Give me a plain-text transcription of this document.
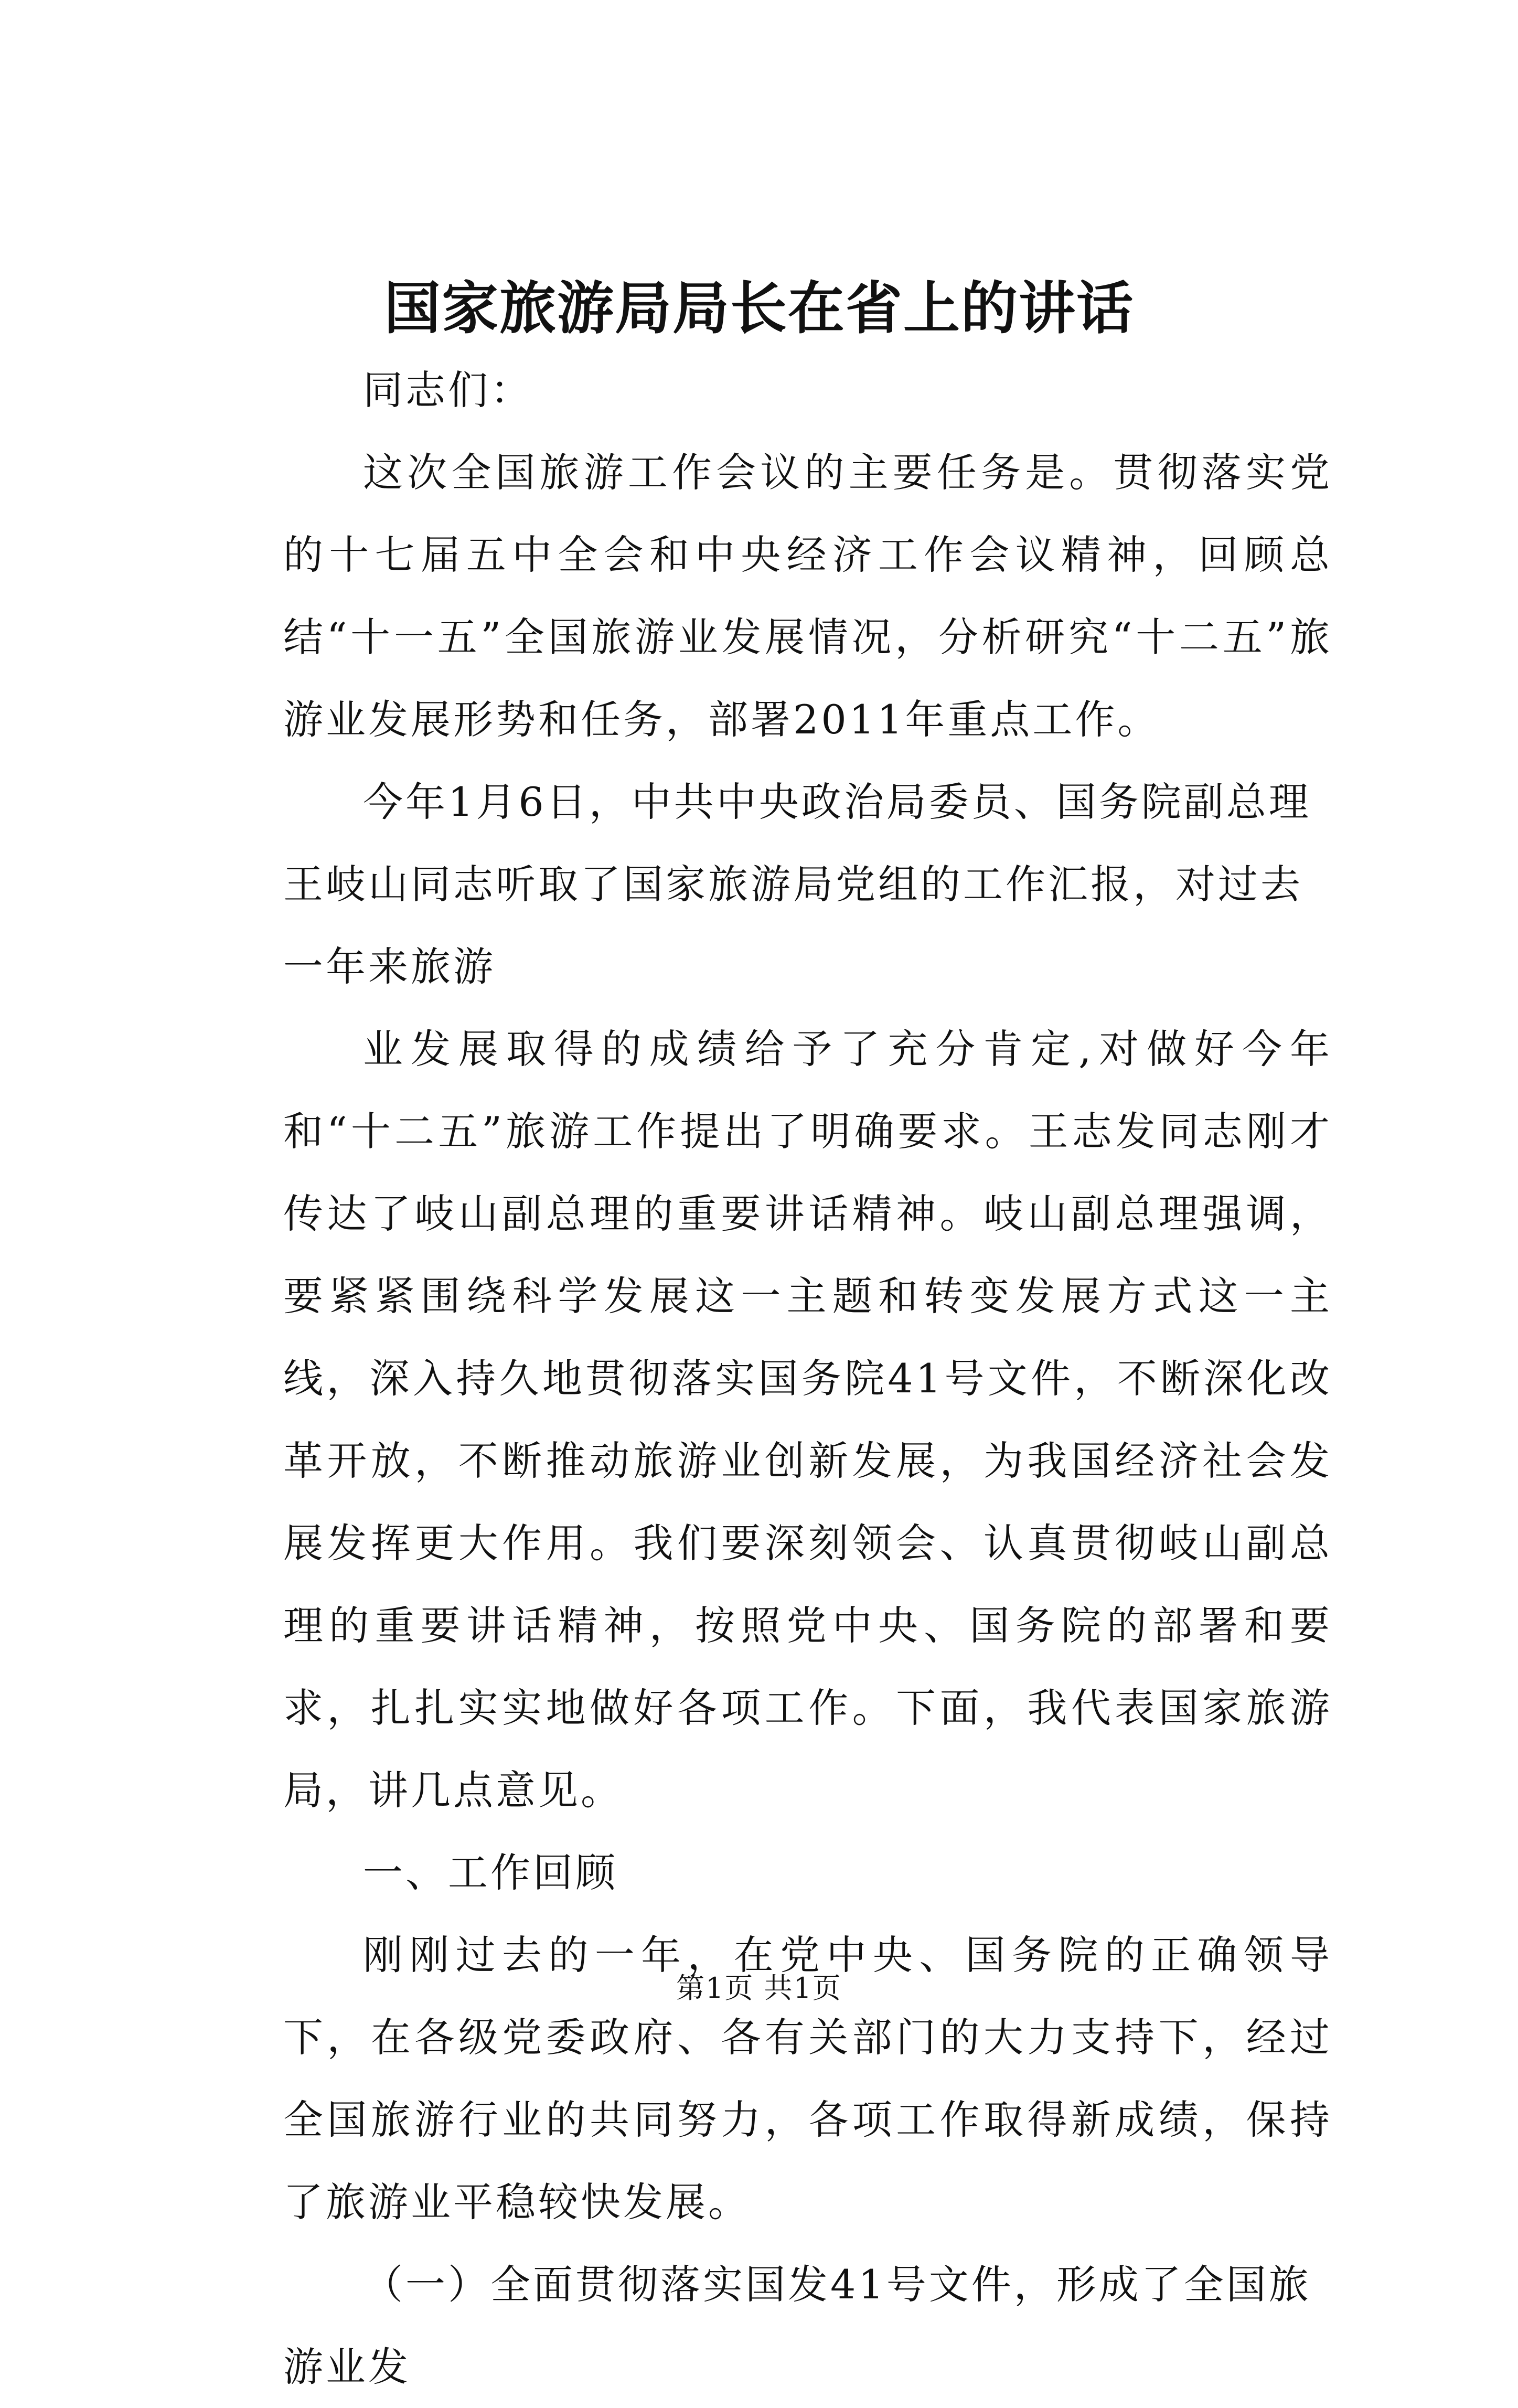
国家旅游局局长在省上的讲话

同志们：

这次全国旅游工作会议的主要任务是。贯彻落实党的十七届五中全会和中央经济工作会议精神，回顾总结“十一五”全国旅游业发展情况，分析研究“十二五”旅游业发展形势和任务，部署2011年重点工作。

今年1月6日，中共中央政治局委员、国务院副总理王岐山同志听取了国家旅游局党组的工作汇报，对过去一年来旅游

业发展取得的成绩给予了充分肯定,对做好今年和“十二五”旅游工作提出了明确要求。王志发同志刚才传达了岐山副总理的重要讲话精神。岐山副总理强调，要紧紧围绕科学发展这一主题和转变发展方式这一主线，深入持久地贯彻落实国务院41号文件，不断深化改革开放，不断推动旅游业创新发展，为我国经济社会发展发挥更大作用。我们要深刻领会、认真贯彻岐山副总理的重要讲话精神，按照党中央、国务院的部署和要求，扎扎实实地做好各项工作。下面，我代表国家旅游局，讲几点意见。

一、工作回顾

刚刚过去的一年，在党中央、国务院的正确领导下，在各级党委政府、各有关部门的大力支持下，经过全国旅游行业的共同努力，各项工作取得新成绩，保持了旅游业平稳较快发展。

（一）全面贯彻落实国发41号文件，形成了全国旅游业发

第1页 共1页
